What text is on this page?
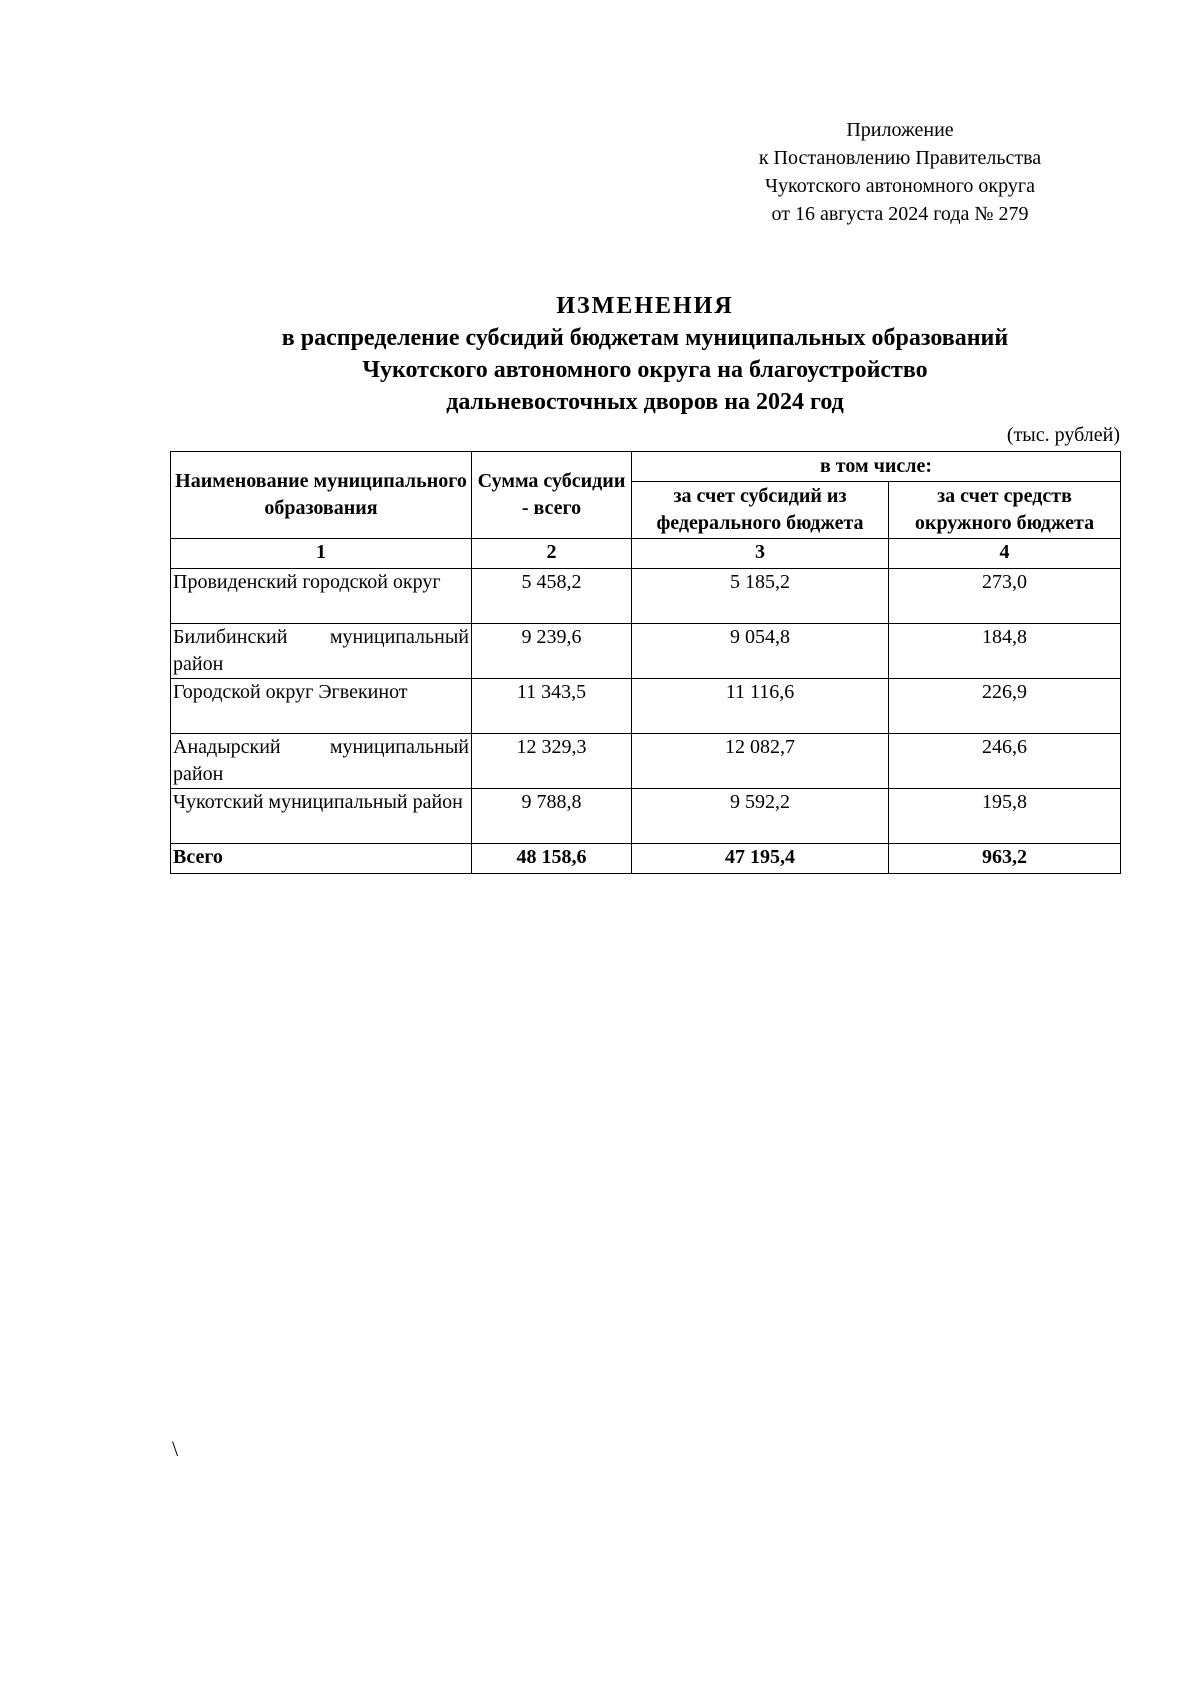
Приложение
к Постановлению Правительства
Чукотского автономного округа
от 16 августа 2024 года № 279
ИЗМЕНЕНИЯ
в распределение субсидий бюджетам муниципальных образований
Чукотского автономного округа на благоустройство
дальневосточных дворов на 2024 год
(тыс. рублей)
Наименование муниципального образования	Сумма субсидии - всего	в том числе:	
		за счет субсидий из федерального бюджета	за счет средств окружного бюджета
1	2	3	4
Провиденский городской округ	5 458,2	5 185,2	273,0
Билибинский муниципальный район	9 239,6	9 054,8	184,8
Городской округ Эгвекинот	11 343,5	11 116,6	226,9
Анадырский муниципальный район	12 329,3	12 082,7	246,6
Чукотский муниципальный район	9 788,8	9 592,2	195,8
Всего	48 158,6	47 195,4	963,2
\
